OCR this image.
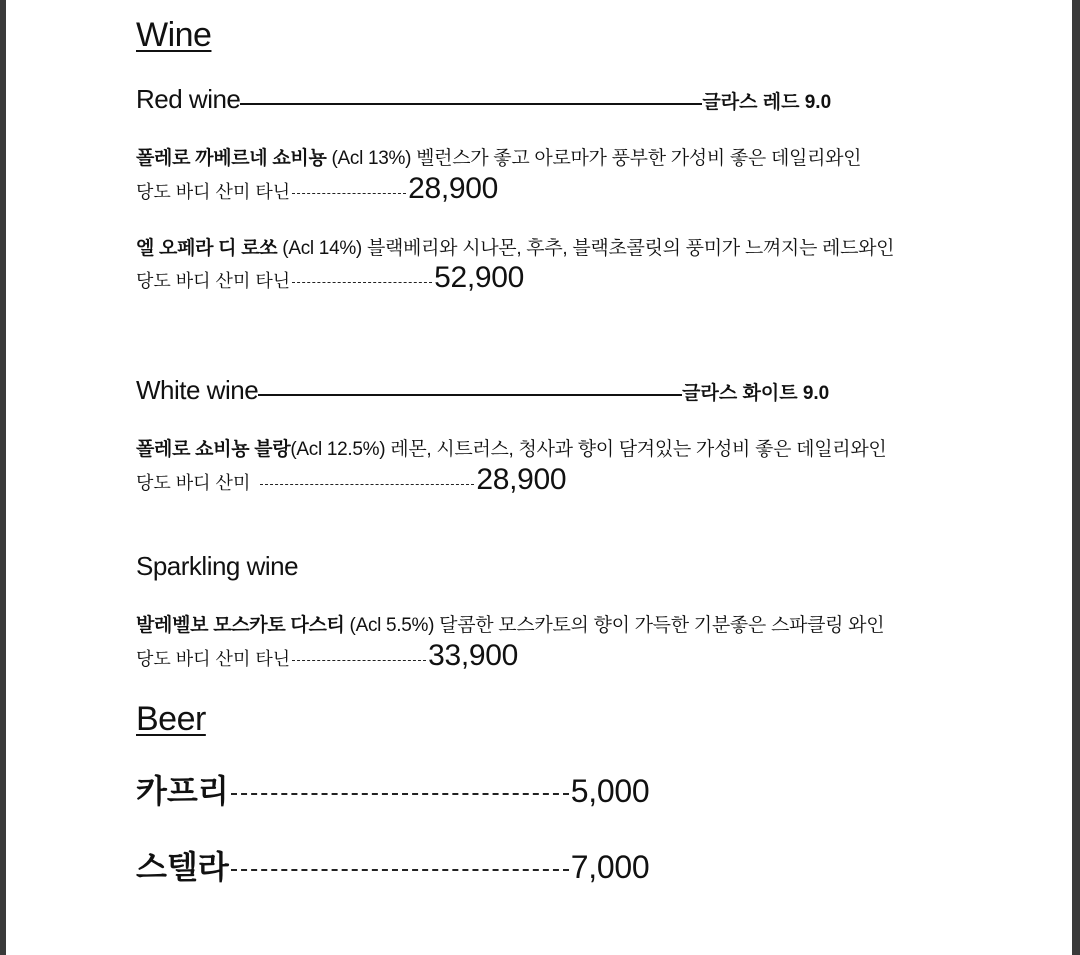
Wine
Red wine	글라스 레드 9.0
폴레로 까베르네 쇼비뇽 (Acl 13%) 벨런스가 좋고 아로마가 풍부한 가성비 좋은 데일리와인
당도 바디 산미 타닌	28,900
엘 오페라 디 로쏘 (Acl 14%) 블랙베리와 시나몬, 후추, 블랙초콜릿의 풍미가 느껴지는 레드와인
당도 바디 산미 타닌	52,900
White wine	글라스 화이트 9.0
폴레로 쇼비뇽 블랑(Acl 12.5%) 레몬, 시트러스, 청사과 향이 담겨있는 가성비 좋은 데일리와인
당도 바디 산미	28,900
Sparkling wine
발레벨보 모스카토 다스티 (Acl 5.5%) 달콤한 모스카토의 향이 가득한 기분좋은 스파클링 와인
당도 바디 산미 타닌	33,900
Beer
카프리	5,000
스텔라	7,000
